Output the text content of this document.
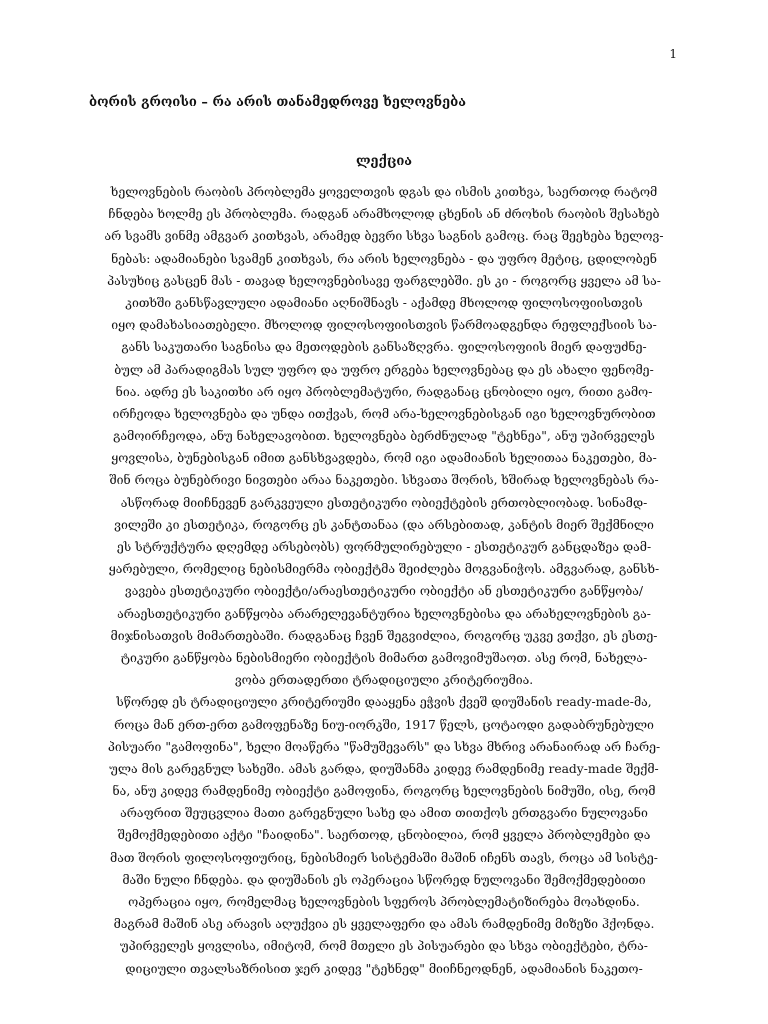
1
ბორის გროისი – რა არის თანამედროვე ხელოვნება
ლექცია
ხელოვნების რაობის პრობლემა ყოველთვის დგას და ისმის კითხვა, საერთოდ რატომ
ჩნდება ხოლმე ეს პრობლემა. რადგან არამხოლოდ ცხენის ან ძროხის რაობის შესახებ
არ სვამს ვინმე ამგვარ კითხვას, არამედ ბევრი სხვა საგნის გამოც. რაც შეეხება ხელოვ-
ნებას: ადამიანები სვამენ კითხვას, რა არის ხელოვნება - და უფრო მეტიც, ცდილობენ
პასუხიც გასცენ მას - თავად ხელოვნებისავე ფარგლებში. ეს კი - როგორც ყველა ამ სა-
კითხში განსწავლული ადამიანი აღნიშნავს - აქამდე მხოლოდ ფილოსოფიისთვის
იყო დამახასიათებელი. მხოლოდ ფილოსოფიისთვის წარმოადგენდა რეფლექსიის სა-
განს საკუთარი საგნისა და მეთოდების განსაზღვრა. ფილოსოფიის მიერ დაფუძნე-
ბულ ამ პარადიგმას სულ უფრო და უფრო ერგება ხელოვნებაც და ეს ახალი ფენომე-
ნია. ადრე ეს საკითხი არ იყო პრობლემატური, რადგანაც ცნობილი იყო, რითი გამო-
ირჩეოდა ხელოვნება და უნდა ითქვას, რომ არა-ხელოვნებისგან იგი ხელოვნურობით
გამოირჩეოდა, ანუ ნახელავობით. ხელოვნება ბერძნულად "ტეხნეა", ანუ უპირველეს
ყოვლისა, ბუნებისგან იმით განსხვავდება, რომ იგი ადამიანის ხელითაა ნაკეთები, მა-
შინ როცა ბუნებრივი ნივთები არაა ნაკეთები. სხვათა შორის, ხშირად ხელოვნებას რა-
ასწორად მიიჩნევენ გარკვეული ესთეტიკური ობიექტების ერთობლიობად. სინამდ-
ვილეში კი ესთეტიკა, როგორც ეს კანტთანაა (და არსებითად, კანტის მიერ შექმნილი
ეს სტრუქტურა დღემდე არსებობს) ფორმულირებული - ესთეტიკურ განცდაზეა დამ-
ყარებული, რომელიც ნებისმიერმა ობიექტმა შეიძლება მოგვანიჭოს. ამგვარად, განსხ-
ვავება ესთეტიკური ობიექტი/არაესთეტიკური ობიექტი ან ესთეტიკური განწყობა/
არაესთეტიკური განწყობა არარელევანტურია ხელოვნებისა და არახელოვნების გა-
მიჯნისათვის მიმართებაში. რადგანაც ჩვენ შეგვიძლია, როგორც უკვე ვთქვი, ეს ესთე-
ტიკური განწყობა ნებისმიერი ობიექტის მიმართ გამოვიმუშაოთ. ასე რომ, ნახელა-
ვობა ერთადერთი ტრადიციული კრიტერიუმია.
სწორედ ეს ტრადიციული კრიტერიუმი დააყენა ეჭვის ქვეშ დიუშანის ready-made-მა,
როცა მან ერთ-ერთ გამოფენაზე ნიუ-იორკში, 1917 წელს, ცოტაოდი გადაბრუნებული
პისუარი "გამოფინა", ხელი მოაწერა "წამუშევარს" და სხვა მხრივ არანაირად არ ჩარე-
ულა მის გარეგნულ სახეში. ამას გარდა, დიუშანმა კიდევ რამდენიმე ready-made შექმ-
ნა, ანუ კიდევ რამდენიმე ობიექტი გამოფინა, როგორც ხელოვნების ნიმუში, ისე, რომ
არაფრით შეუცვლია მათი გარეგნული სახე და ამით თითქოს ერთგვარი ნულოვანი
შემოქმედებითი აქტი "ჩაიდინა". საერთოდ, ცნობილია, რომ ყველა პრობლემები და
მათ შორის ფილოსოფიურიც, ნებისმიერ სისტემაში მაშინ იჩენს თავს, როცა ამ სისტე-
მაში ნული ჩნდება. და დიუშანის ეს ოპერაცია სწორედ ნულოვანი შემოქმედებითი
ოპერაცია იყო, რომელმაც ხელოვნების სფეროს პრობლემატიზირება მოახდინა.
მაგრამ მაშინ ასე არავის აღუქვია ეს ყველაფერი და ამას რამდენიმე მიზეზი ჰქონდა.
უპირველეს ყოვლისა, იმიტომ, რომ მთელი ეს პისუარები და სხვა ობიექტები, ტრა-
დიციული თვალსაზრისით ჯერ კიდევ "ტეხნედ" მიიჩნეოდნენ, ადამიანის ნაკეთო-
